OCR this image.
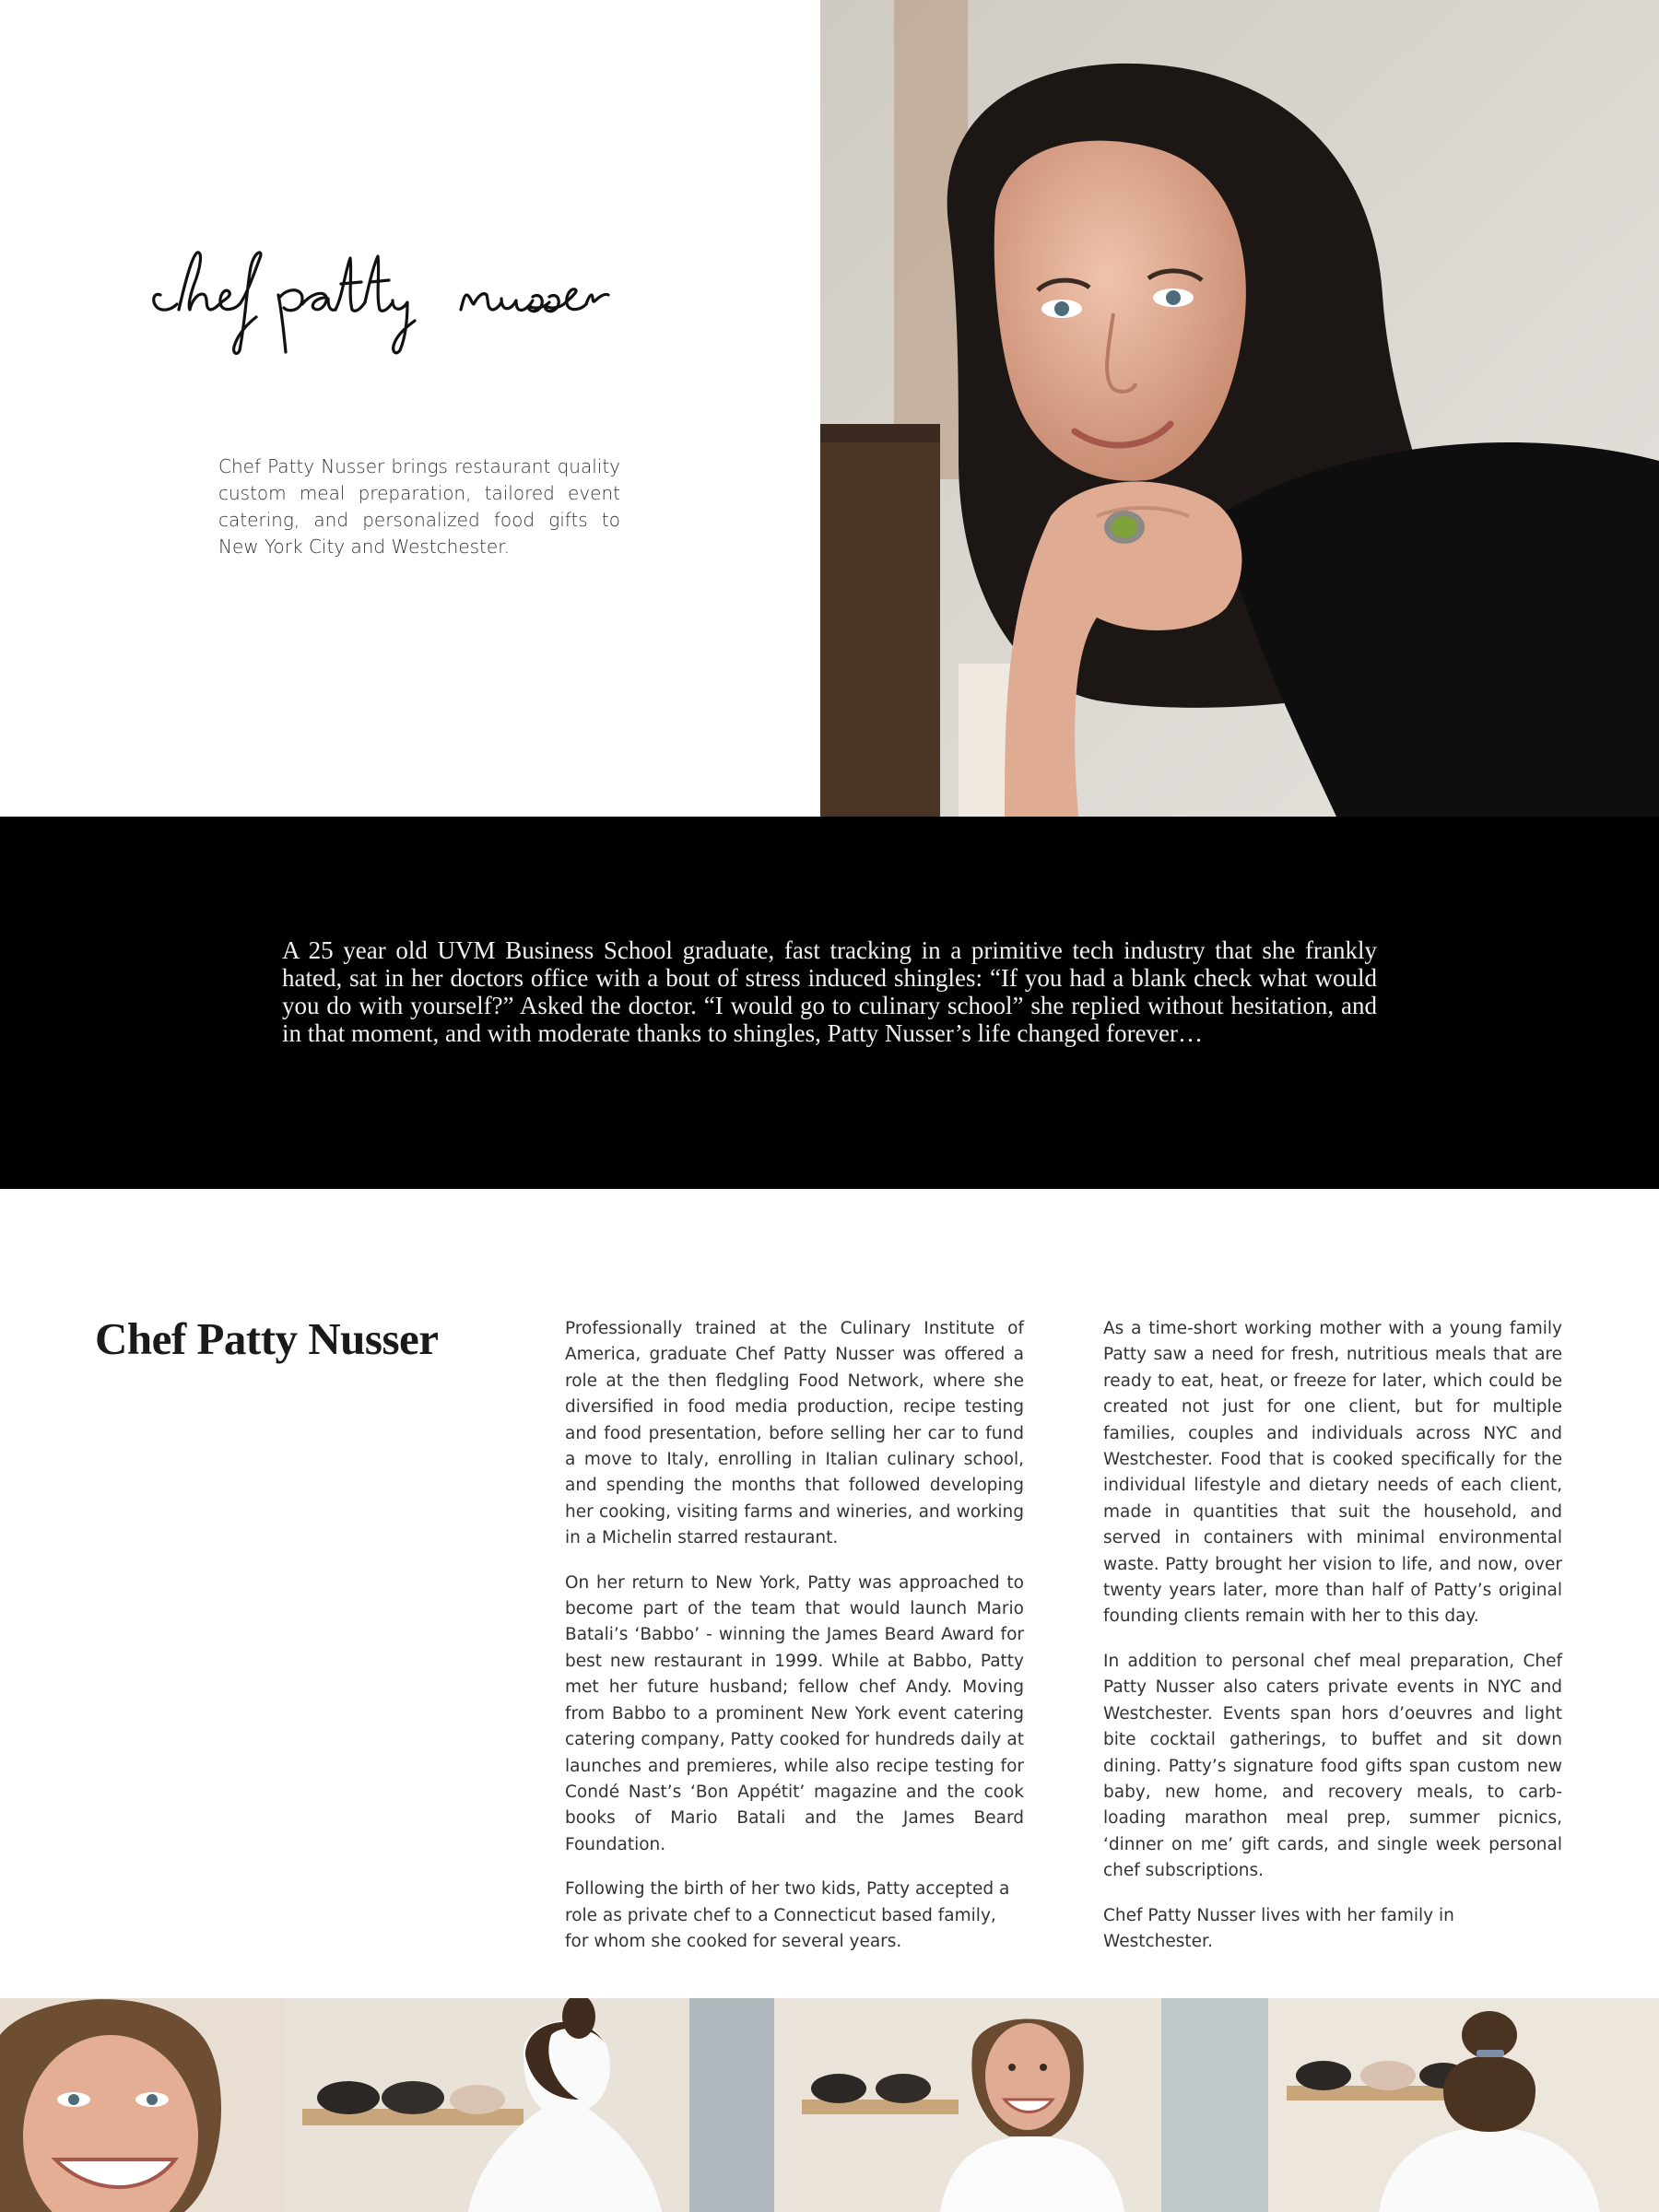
Chef Patty Nusser brings restaurant quality custom meal preparation, tailored event catering, and personalized food gifts to New York City and Westchester.

A 25 year old UVM Business School graduate, fast tracking in a primitive tech industry that she frankly hated, sat in her doctors office with a bout of stress induced shingles: “If you had a blank check what would you do with yourself?” Asked the doctor. “I would go to culinary school” she replied without hesitation, and in that moment, and with moderate thanks to shingles, Patty Nusser’s life changed forever…

Chef Patty Nusser	Professionally trained at the Culinary Institute of America, graduate Chef Patty Nusser was offered a role at the then fledgling Food Network, where she diversified in food media production, recipe testing and food presentation, before selling her car to fund a move to Italy, enrolling in Italian culinary school, and spending the months that followed developing her cooking, visiting farms and wineries, and working in a Michelin starred restaurant.

On her return to New York, Patty was approached to become part of the team that would launch Mario Batali’s ‘Babbo’ - winning the James Beard Award for best new restaurant in 1999. While at Babbo, Patty met her future husband; fellow chef Andy. Moving from Babbo to a prominent New York event catering catering company, Patty cooked for hundreds daily at launches and premieres, while also recipe testing for Condé Nast’s ‘Bon Appétit’ magazine and the cook books of Mario Batali and the James Beard Foundation.

Following the birth of her two kids, Patty accepted a role as private chef to a Connecticut based family, for whom she cooked for several years.

As a time-short working mother with a young family Patty saw a need for fresh, nutritious meals that are ready to eat, heat, or freeze for later, which could be created not just for one client, but for multiple families, couples and individuals across NYC and Westchester. Food that is cooked specifically for the individual lifestyle and dietary needs of each client, made in quantities that suit the household, and served in containers with minimal environmental waste. Patty brought her vision to life, and now, over twenty years later, more than half of Patty’s original founding clients remain with her to this day.

In addition to personal chef meal preparation, Chef Patty Nusser also caters private events in NYC and Westchester. Events span hors d’oeuvres and light bite cocktail gatherings, to buffet and sit down dining. Patty’s signature food gifts span custom new baby, new home, and recovery meals, to carb-loading marathon meal prep, summer picnics, ‘dinner on me’ gift cards, and single week personal chef subscriptions.

Chef Patty Nusser lives with her family in Westchester.
